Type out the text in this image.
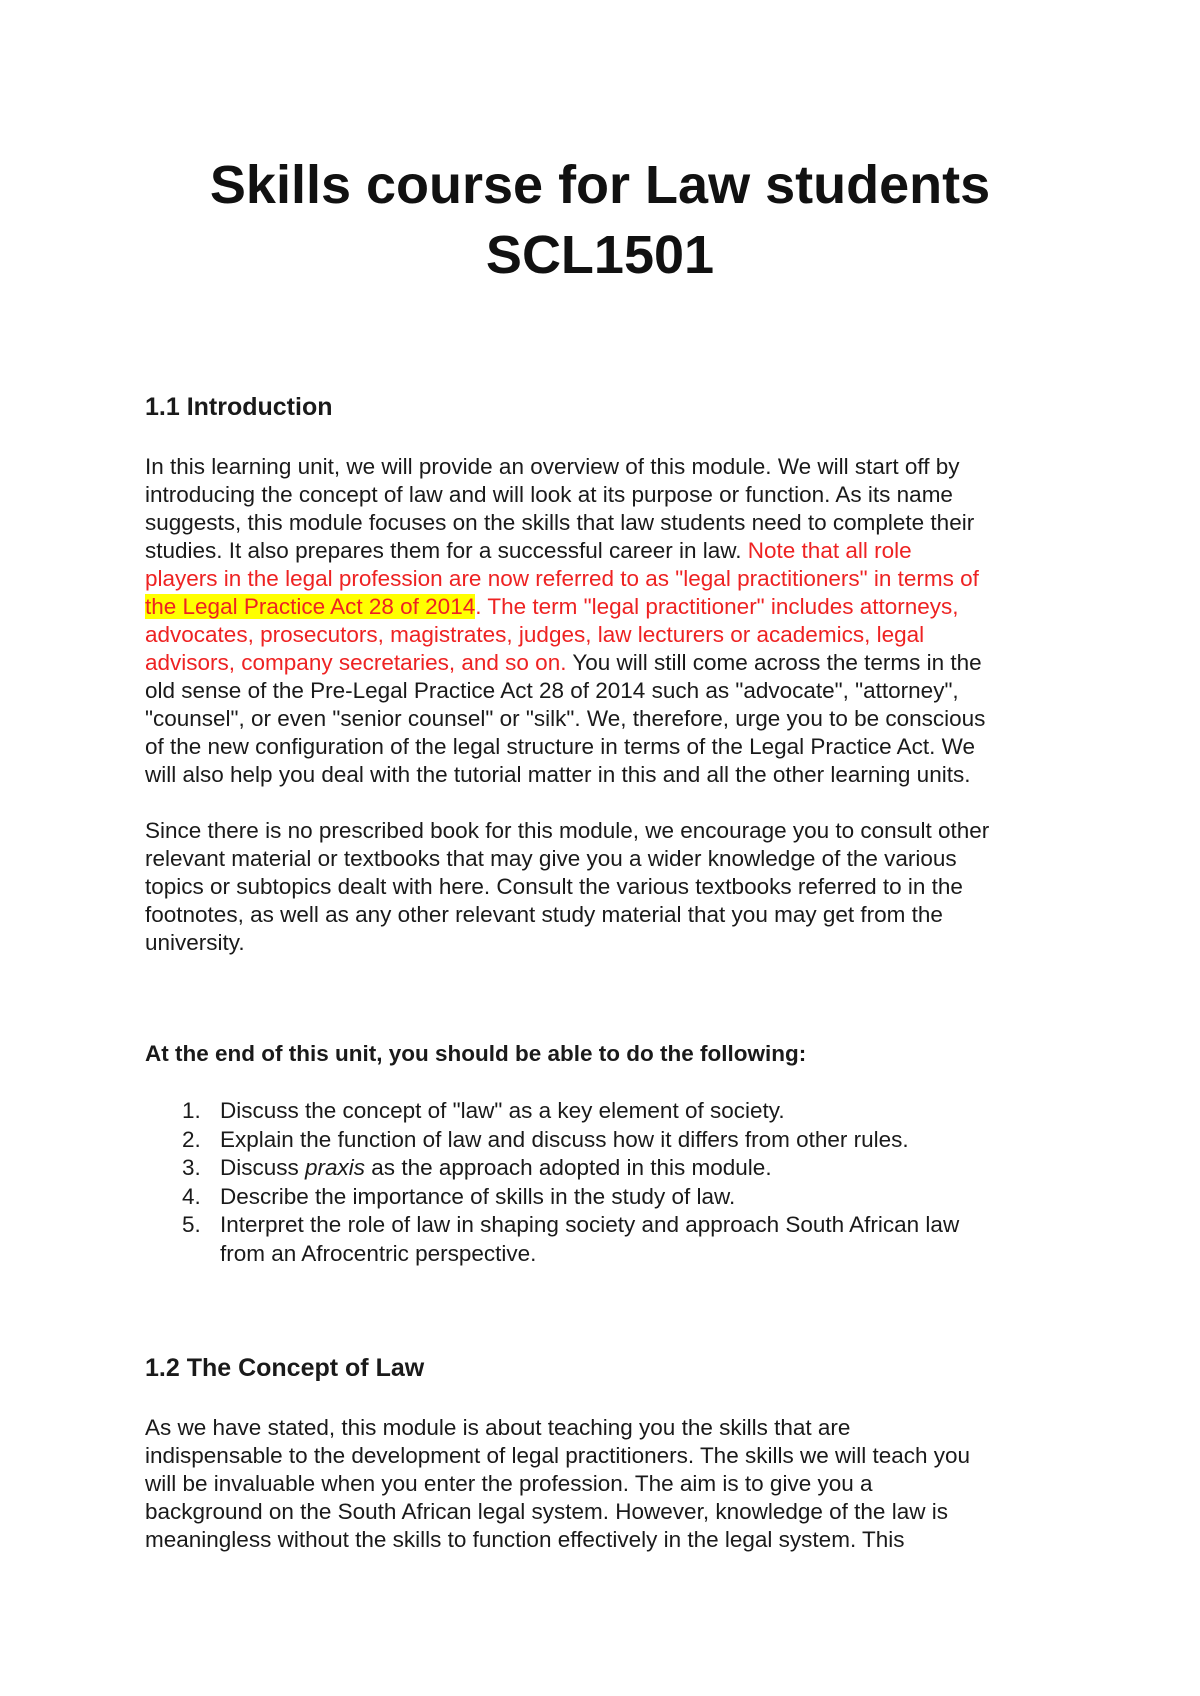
Skills course for Law students
SCL1501
1.1 Introduction
In this learning unit, we will provide an overview of this module. We will start off by
introducing the concept of law and will look at its purpose or function. As its name
suggests, this module focuses on the skills that law students need to complete their
studies. It also prepares them for a successful career in law. Note that all role
players in the legal profession are now referred to as "legal practitioners" in terms of
the Legal Practice Act 28 of 2014. The term "legal practitioner" includes attorneys,
advocates, prosecutors, magistrates, judges, law lecturers or academics, legal
advisors, company secretaries, and so on. You will still come across the terms in the
old sense of the Pre-Legal Practice Act 28 of 2014 such as "advocate", "attorney",
"counsel", or even "senior counsel" or "silk". We, therefore, urge you to be conscious
of the new configuration of the legal structure in terms of the Legal Practice Act. We
will also help you deal with the tutorial matter in this and all the other learning units.
Since there is no prescribed book for this module, we encourage you to consult other
relevant material or textbooks that may give you a wider knowledge of the various
topics or subtopics dealt with here. Consult the various textbooks referred to in the
footnotes, as well as any other relevant study material that you may get from the
university.
At the end of this unit, you should be able to do the following:
1. Discuss the concept of "law" as a key element of society.
2. Explain the function of law and discuss how it differs from other rules.
3. Discuss praxis as the approach adopted in this module.
4. Describe the importance of skills in the study of law.
5. Interpret the role of law in shaping society and approach South African law
from an Afrocentric perspective.
1.2 The Concept of Law
As we have stated, this module is about teaching you the skills that are
indispensable to the development of legal practitioners. The skills we will teach you
will be invaluable when you enter the profession. The aim is to give you a
background on the South African legal system. However, knowledge of the law is
meaningless without the skills to function effectively in the legal system. This
